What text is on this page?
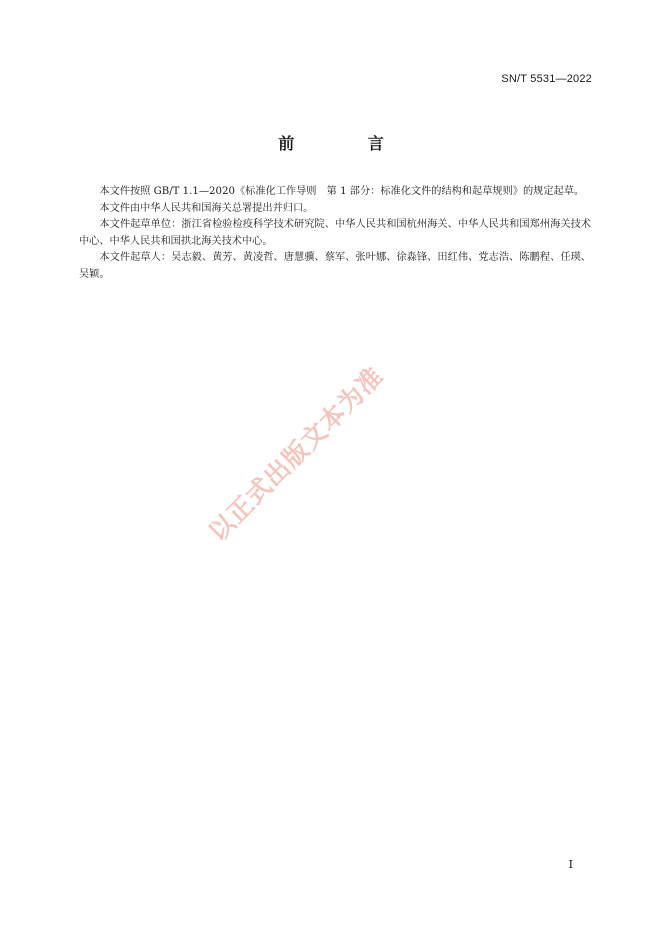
SN/T 5531—2022
前 言

本文件按照 GB/T 1.1—2020《标准化工作导则　第 1 部分：标准化文件的结构和起草规则》的规定起草。

本文件由中华人民共和国海关总署提出并归口。

本文件起草单位：浙江省检验检疫科学技术研究院、中华人民共和国杭州海关、中华人民共和国郑州海关技术中心、中华人民共和国拱北海关技术中心。

本文件起草人：吴志毅、黄芳、黄凌哲、唐慧骥、蔡军、张叶娜、徐淼锋、田红伟、党志浩、陈鹏程、任瑛、吴颖。

以正式出版文本为准
I
